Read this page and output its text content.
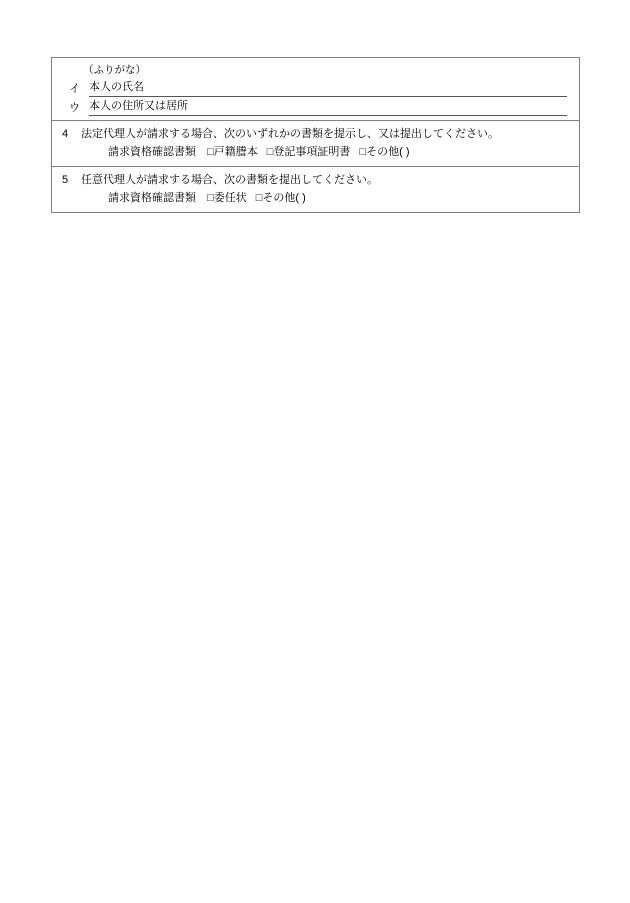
（ふりがな）
イ 本人の氏名
ウ 本人の住所又は居所
4	法定代理人が請求する場合、次のいずれかの書類を提示し、又は提出してください。
請求資格確認書類 □戸籍謄本 □登記事項証明書 □その他( )
5	任意代理人が請求する場合、次の書類を提出してください。
請求資格確認書類 □委任状 □その他( )
